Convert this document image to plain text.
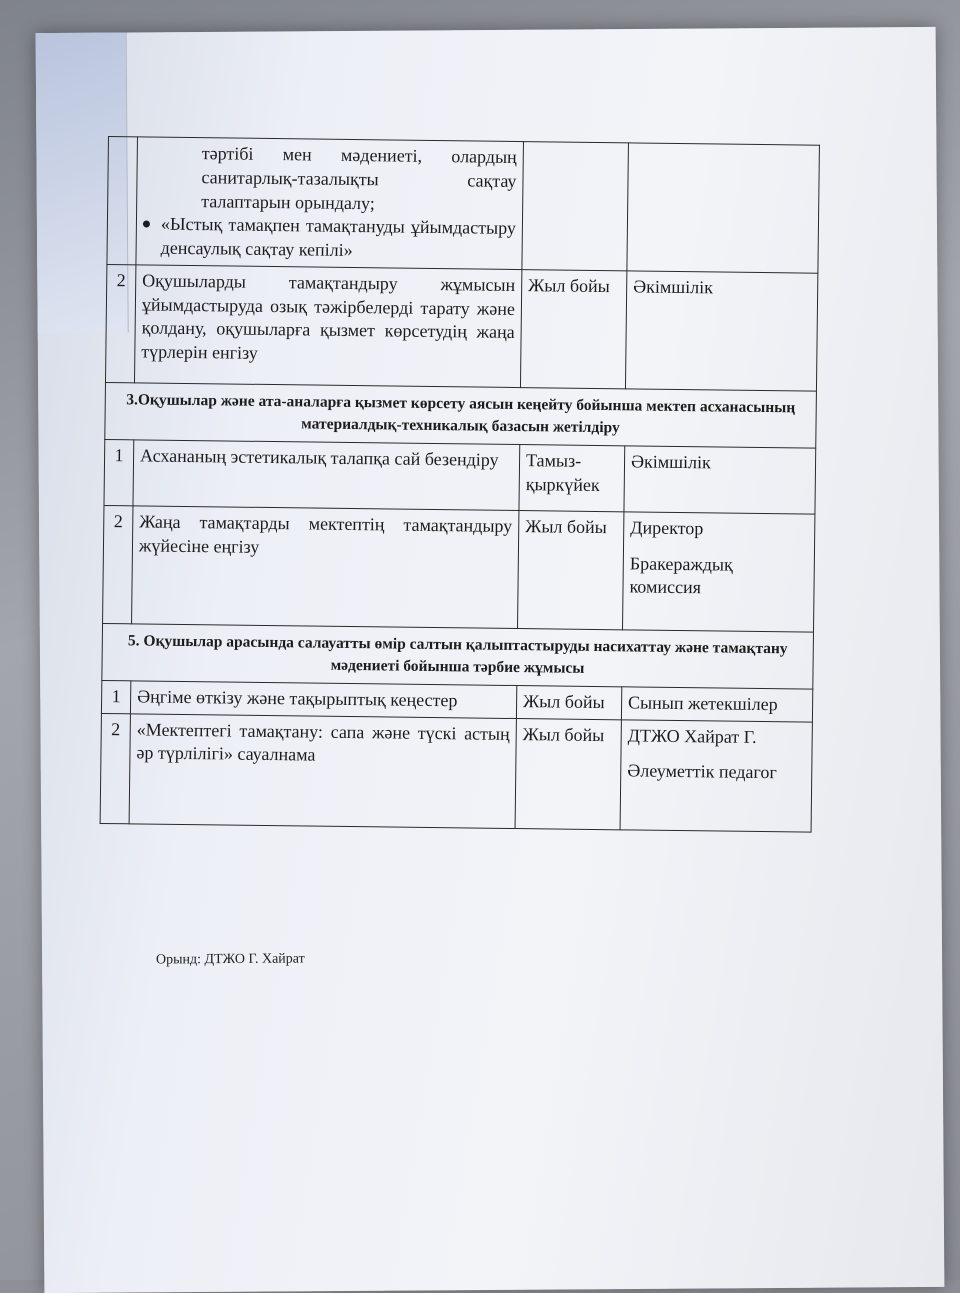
	тәртібі мен мәдениеті, олардың санитарлық-тазалықты сақтау талаптарын орындалу;
«Ыстық тамақпен тамақтануды ұйымдастыру денсаулық сақтау кепілі»		

2	Оқушыларды тамақтандыру жұмысын ұйымдастыруда озық тәжірбелерді тарату және қолдану, оқушыларға қызмет көрсетудің жаңа түрлерін енгізу	Жыл бойы	Әкімшілік
3.Оқушылар және ата-аналарға қызмет көрсету аясын кеңейту бойынша мектеп асханасының материалдық-техникалық базасын жетілдіру			
1	Асхананың эстетикалық талапқа сай безендіру	Тамыз-қыркүйек	Әкімшілік
2	Жаңа тамақтарды мектептің тамақтандыру жүйесіне еңгізу	Жыл бойы	Директор
Бракераждық комиссия

5. Оқушылар арасында салауатты өмір салтын қалыптастыруды насихаттау және тамақтану мәдениеті бойынша тәрбие жұмысы			
1	Әңгіме өткізу және тақырыптық кеңестер	Жыл бойы	Сынып жетекшілер
2	«Мектептегі тамақтану: сапа және түскі астың әр түрлілігі» сауалнама	Жыл бойы	ДТЖО Хайрат Г.
Әлеуметтік педагог
Орынд: ДТЖО Г. Хайрат
